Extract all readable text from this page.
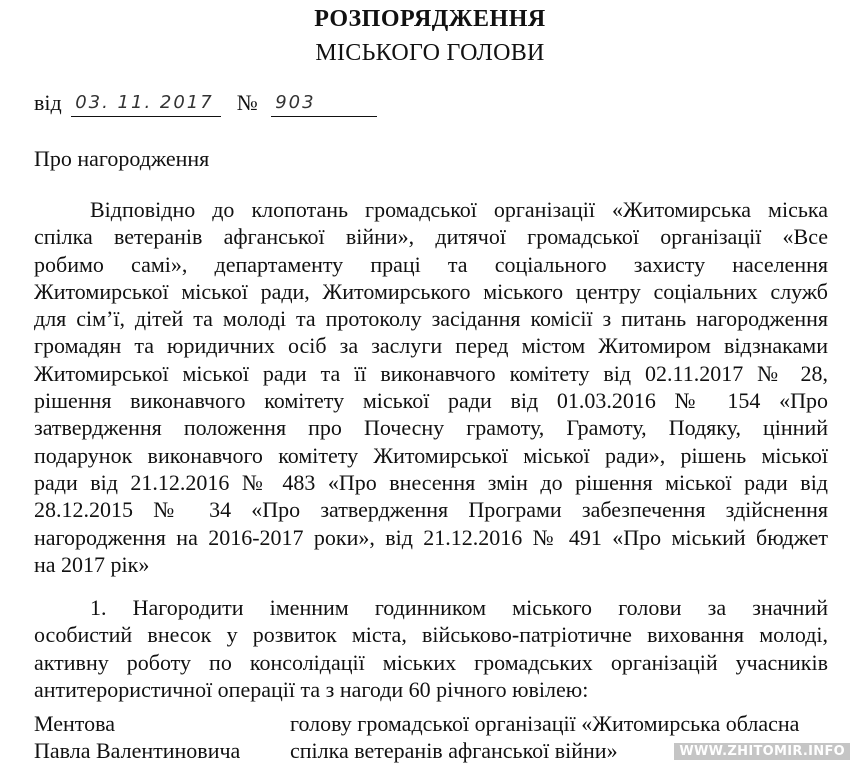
РОЗПОРЯДЖЕННЯ
МІСЬКОГО ГОЛОВИ
від 03. 11. 2017 № 903
Про нагородження
Відповідно до клопотань громадської організації «Житомирська міська
спілка ветеранів афганської війни», дитячої громадської організації «Все
робимо самі», департаменту праці та соціального захисту населення
Житомирської міської ради, Житомирського міського центру соціальних служб
для сім’ї, дітей та молоді та протоколу засідання комісії з питань нагородження
громадян та юридичних осіб за заслуги перед містом Житомиром відзнаками
Житомирської міської ради та її виконавчого комітету від 02.11.2017 № 28,
рішення виконавчого комітету міської ради від 01.03.2016 № 154 «Про
затвердження положення про Почесну грамоту, Грамоту, Подяку, цінний
подарунок виконавчого комітету Житомирської міської ради», рішень міської
ради від 21.12.2016 № 483 «Про внесення змін до рішення міської ради від
28.12.2015 № 34 «Про затвердження Програми забезпечення здійснення
нагородження на 2016-2017 роки», від 21.12.2016 № 491 «Про міський бюджет
на 2017 рік»
1. Нагородити іменним годинником міського голови за значний
особистий внесок у розвиток міста, військово-патріотичне виховання молоді,
активну роботу по консолідації міських громадських організацій учасників
антитерористичної операції та з нагоди 60 річного ювілею:
Ментова	голову громадської організації «Житомирська обласна
Павла Валентиновича	спілка ветеранів афганської війни»	WWW.ZHITOMIR.INFO
